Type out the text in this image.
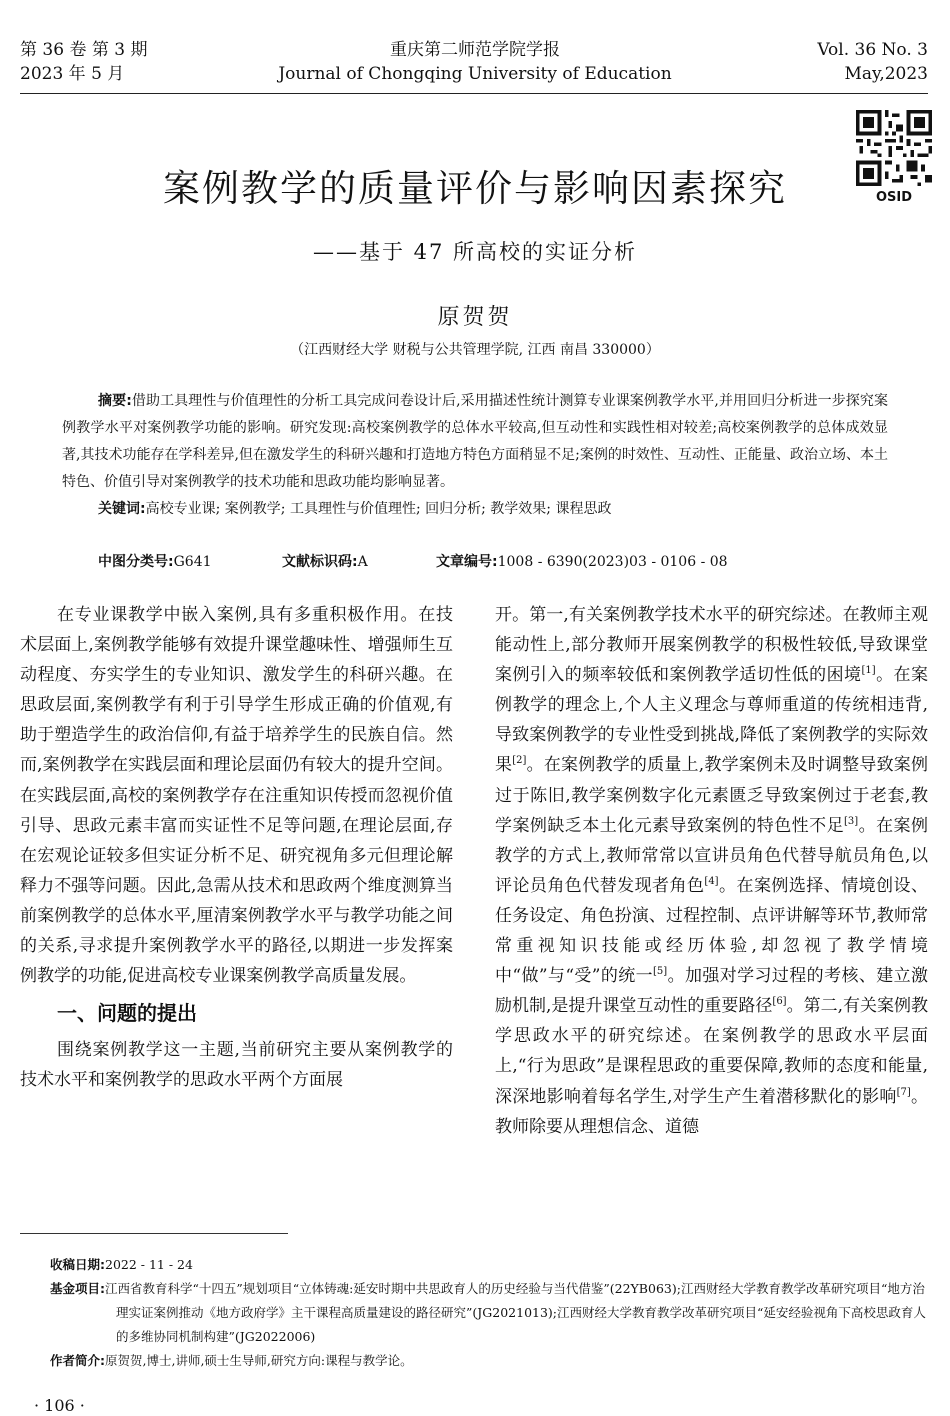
第 36 卷 第 3 期
2023 年 5 月
重庆第二师范学院学报
Journal of Chongqing University of Education
Vol. 36 No. 3
May,2023
OSID
案例教学的质量评价与影响因素探究
——基于 47 所高校的实证分析
原贺贺
（江西财经大学 财税与公共管理学院, 江西 南昌 330000）

摘要:借助工具理性与价值理性的分析工具完成问卷设计后,采用描述性统计测算专业课案例教学水平,并用回归分析进一步探究案例教学水平对案例教学功能的影响。研究发现:高校案例教学的总体水平较高,但互动性和实践性相对较差;高校案例教学的总体成效显著,其技术功能存在学科差异,但在激发学生的科研兴趣和打造地方特色方面稍显不足;案例的时效性、互动性、正能量、政治立场、本土特色、价值引导对案例教学的技术功能和思政功能均影响显著。

关键词:高校专业课; 案例教学; 工具理性与价值理性; 回归分析; 教学效果; 课程思政

中图分类号:G641	文献标识码:A	文章编号:1008 - 6390(2023)03 - 0106 - 08

在专业课教学中嵌入案例,具有多重积极作用。在技术层面上,案例教学能够有效提升课堂趣味性、增强师生互动程度、夯实学生的专业知识、激发学生的科研兴趣。在思政层面,案例教学有利于引导学生形成正确的价值观,有助于塑造学生的政治信仰,有益于培养学生的民族自信。然而,案例教学在实践层面和理论层面仍有较大的提升空间。在实践层面,高校的案例教学存在注重知识传授而忽视价值引导、思政元素丰富而实证性不足等问题,在理论层面,存在宏观论证较多但实证分析不足、研究视角多元但理论解释力不强等问题。因此,急需从技术和思政两个维度测算当前案例教学的总体水平,厘清案例教学水平与教学功能之间的关系,寻求提升案例教学水平的路径,以期进一步发挥案例教学的功能,促进高校专业课案例教学高质量发展。

一、问题的提出

围绕案例教学这一主题,当前研究主要从案例教学的技术水平和案例教学的思政水平两个方面展

开。第一,有关案例教学技术水平的研究综述。在教师主观能动性上,部分教师开展案例教学的积极性较低,导致课堂案例引入的频率较低和案例教学适切性低的困境[1]。在案例教学的理念上,个人主义理念与尊师重道的传统相违背,导致案例教学的专业性受到挑战,降低了案例教学的实际效果[2]。在案例教学的质量上,教学案例未及时调整导致案例过于陈旧,教学案例数字化元素匮乏导致案例过于老套,教学案例缺乏本土化元素导致案例的特色性不足[3]。在案例教学的方式上,教师常常以宣讲员角色代替导航员角色,以评论员角色代替发现者角色[4]。在案例选择、情境创设、任务设定、角色扮演、过程控制、点评讲解等环节,教师常常重视知识技能或经历体验,却忽视了教学情境中“做”与“受”的统一[5]。加强对学习过程的考核、建立激励机制,是提升课堂互动性的重要路径[6]。第二,有关案例教学思政水平的研究综述。在案例教学的思政水平层面上,“行为思政”是课程思政的重要保障,教师的态度和能量,深深地影响着每名学生,对学生产生着潜移默化的影响[7]。教师除要从理想信念、道德

收稿日期:2022 - 11 - 24

基金项目:江西省教育科学“十四五”规划项目“立体铸魂:延安时期中共思政育人的历史经验与当代借鉴”(22YB063);江西财经大学教育教学改革研究项目“地方治理实证案例推动《地方政府学》主干课程高质量建设的路径研究”(JG2021013);江西财经大学教育教学改革研究项目“延安经验视角下高校思政育人的多维协同机制构建”(JG2022006)

作者简介:原贺贺,博士,讲师,硕士生导师,研究方向:课程与教学论。

· 106 ·
